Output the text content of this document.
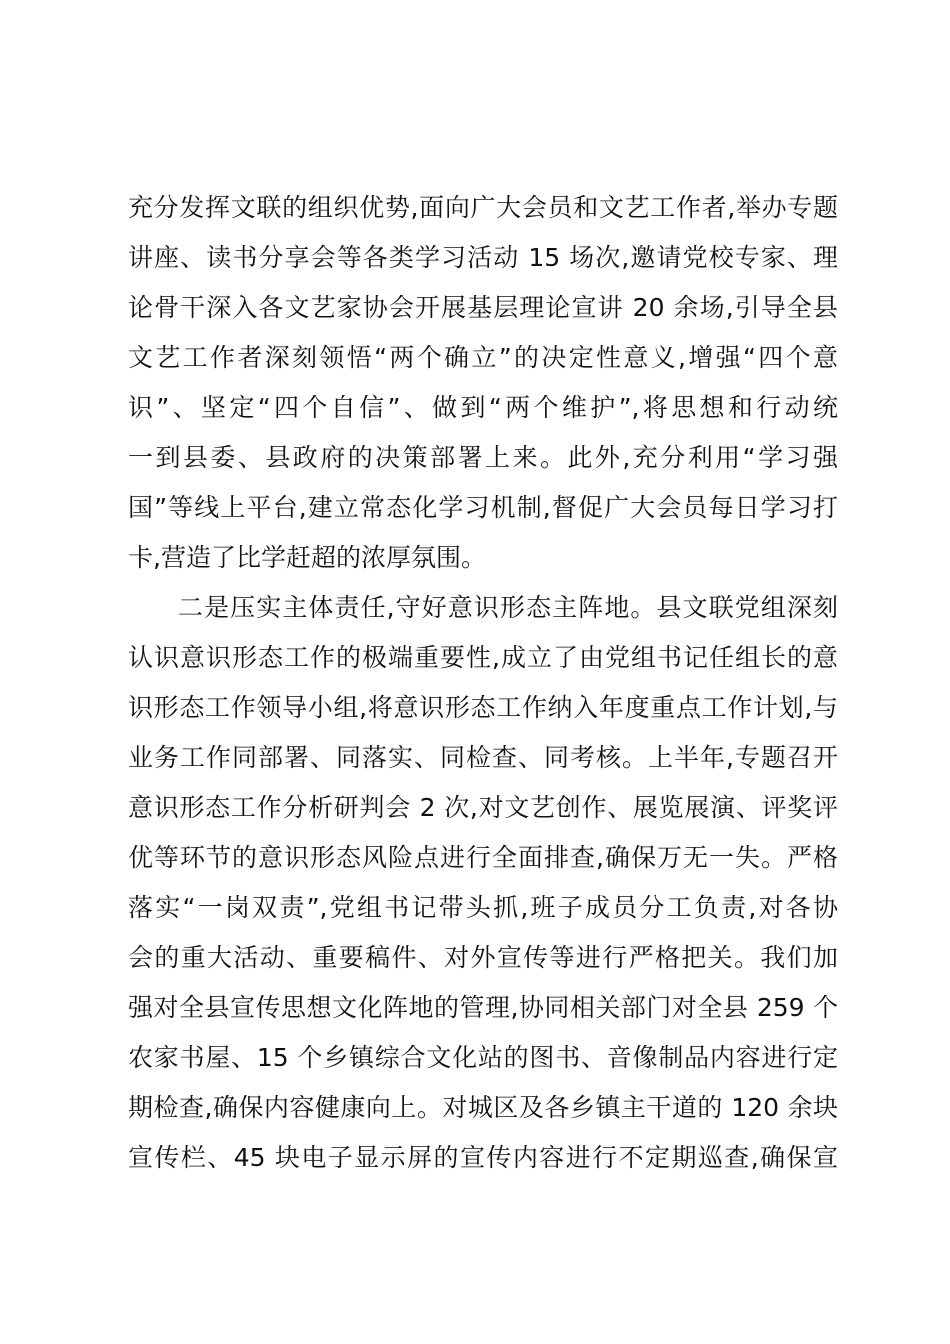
充分发挥文联的组织优势,面向广大会员和文艺工作者,举办专题
讲座、读书分享会等各类学习活动 15 场次,邀请党校专家、理
论骨干深入各文艺家协会开展基层理论宣讲 20 余场,引导全县
文艺工作者深刻领悟“两个确立”的决定性意义,增强“四个意
识”、坚定“四个自信”、做到“两个维护”,将思想和行动统
一到县委、县政府的决策部署上来。此外,充分利用“学习强
国”等线上平台,建立常态化学习机制,督促广大会员每日学习打
卡,营造了比学赶超的浓厚氛围。
二是压实主体责任,守好意识形态主阵地。县文联党组深刻
认识意识形态工作的极端重要性,成立了由党组书记任组长的意
识形态工作领导小组,将意识形态工作纳入年度重点工作计划,与
业务工作同部署、同落实、同检查、同考核。上半年,专题召开
意识形态工作分析研判会 2 次,对文艺创作、展览展演、评奖评
优等环节的意识形态风险点进行全面排查,确保万无一失。严格
落实“一岗双责”,党组书记带头抓,班子成员分工负责,对各协
会的重大活动、重要稿件、对外宣传等进行严格把关。我们加
强对全县宣传思想文化阵地的管理,协同相关部门对全县 259 个
农家书屋、15 个乡镇综合文化站的图书、音像制品内容进行定
期检查,确保内容健康向上。对城区及各乡镇主干道的 120 余块
宣传栏、45 块电子显示屏的宣传内容进行不定期巡查,确保宣
